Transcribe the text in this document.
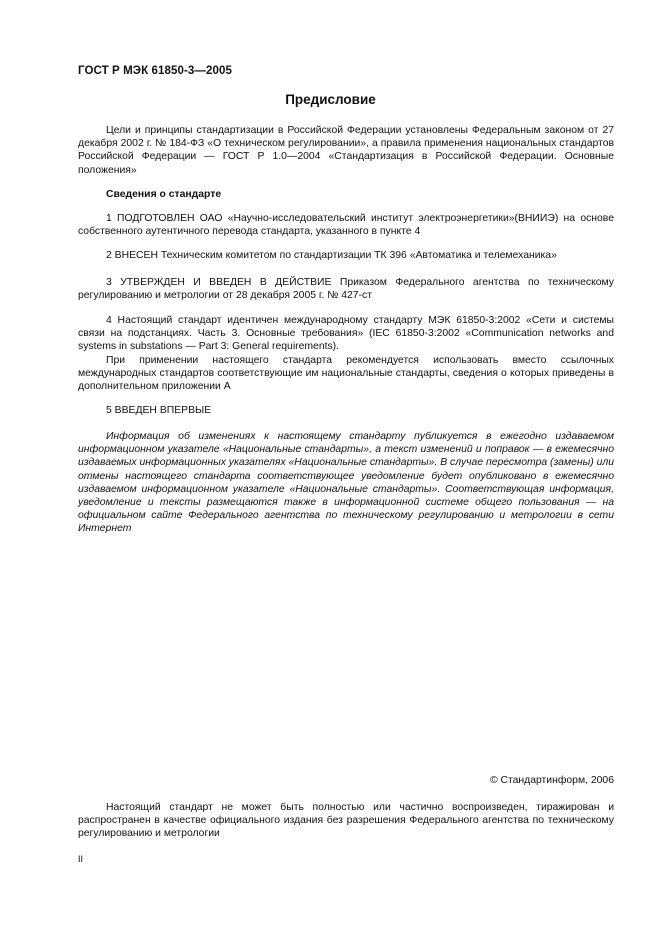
ГОСТ Р МЭК 61850-3—2005
Предисловие

Цели и принципы стандартизации в Российской Федерации установлены Федеральным законом от 27 декабря 2002 г. № 184-ФЗ «О техническом регулировании», а правила применения национальных стандартов Российской Федерации — ГОСТ Р 1.0—2004 «Стандартизация в Российской Федерации. Основные положения»

Сведения о стандарте

1 ПОДГОТОВЛЕН ОАО «Научно-исследовательский институт электроэнергетики»(ВНИИЭ) на основе собственного аутентичного перевода стандарта, указанного в пункте 4

2 ВНЕСЕН Техническим комитетом по стандартизации ТК 396 «Автоматика и телемеханика»

3 УТВЕРЖДЕН И ВВЕДЕН В ДЕЙСТВИЕ Приказом Федерального агентства по техническому регулированию и метрологии от 28 декабря 2005 г. № 427-ст

4 Настоящий стандарт идентичен международному стандарту МЭК 61850-3:2002 «Сети и системы связи на подстанциях. Часть 3. Основные требования» (IEC 61850-3:2002 «Communication networks and systems in substations — Part 3: General requirements).

При применении настоящего стандарта рекомендуется использовать вместо ссылочных международных стандартов соответствующие им национальные стандарты, сведения о которых приведены в дополнительном приложении А

5 ВВЕДЕН ВПЕРВЫЕ

Информация об изменениях к настоящему стандарту публикуется в ежегодно издаваемом информационном указателе «Национальные стандарты», а текст изменений и поправок — в ежемесячно издаваемых информационных указателях «Национальные стандарты». В случае пересмотра (замены) или отмены настоящего стандарта соответствующее уведомление будет опубликовано в ежемесячно издаваемом информационном указателе «Национальные стандарты». Соответствующая информация, уведомление и тексты размещаются также в информационной системе общего пользования — на официальном сайте Федерального агентства по техническому регулированию и метрологии в сети Интернет

© Стандартинформ, 2006

Настоящий стандарт не может быть полностью или частично воспроизведен, тиражирован и распространен в качестве официального издания без разрешения Федерального агентства по техническому регулированию и метрологии

II
